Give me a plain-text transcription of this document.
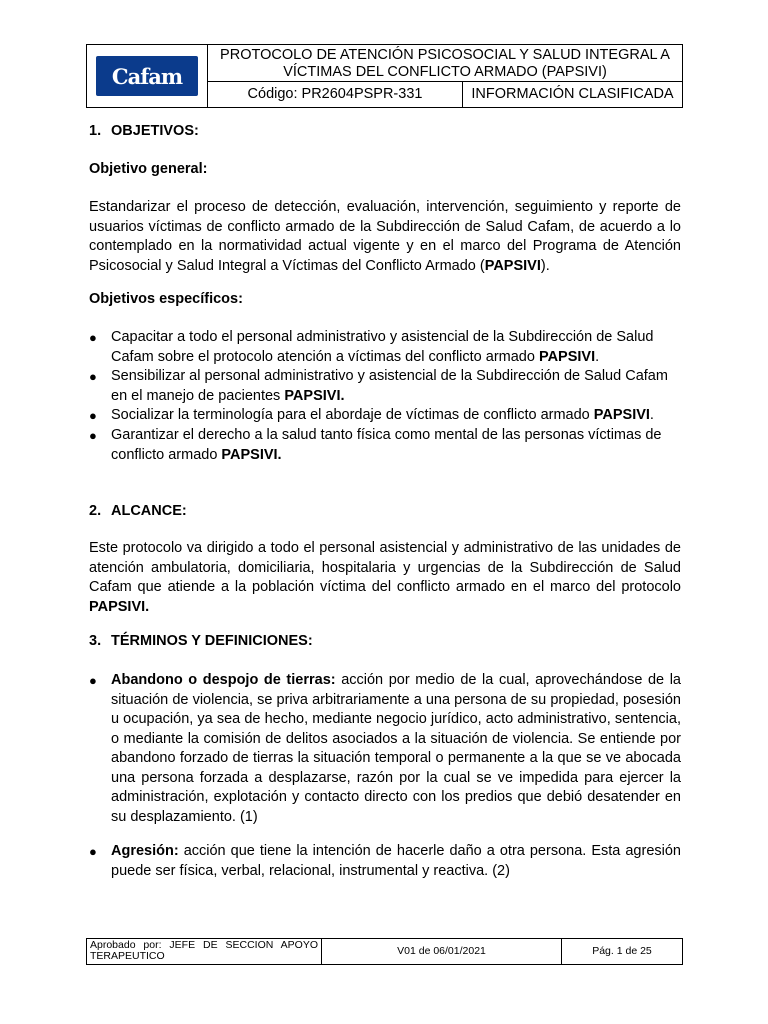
Cafam
PROTOCOLO DE ATENCIÓN PSICOSOCIAL Y SALUD INTEGRAL A
VÍCTIMAS DEL CONFLICTO ARMADO (PAPSIVI)
Código: PR2604PSPR-331	INFORMACIÓN CLASIFICADA
1. OBJETIVOS:
Objetivo general:
Estandarizar el proceso de detección, evaluación, intervención, seguimiento y reporte de usuarios víctimas de conflicto armado de la Subdirección de Salud Cafam, de acuerdo a lo contemplado en la normatividad actual vigente y en el marco del Programa de Atención Psicosocial y Salud Integral a Víctimas del Conflicto Armado (PAPSIVI).
Objetivos específicos:
● Capacitar a todo el personal administrativo y asistencial de la Subdirección de Salud Cafam sobre el protocolo atención a víctimas del conflicto armado PAPSIVI.
● Sensibilizar al personal administrativo y asistencial de la Subdirección de Salud Cafam en el manejo de pacientes PAPSIVI.
● Socializar la terminología para el abordaje de víctimas de conflicto armado PAPSIVI.
● Garantizar el derecho a la salud tanto física como mental de las personas víctimas de conflicto armado PAPSIVI.
2. ALCANCE:
Este protocolo va dirigido a todo el personal asistencial y administrativo de las unidades de atención ambulatoria, domiciliaria, hospitalaria y urgencias de la Subdirección de Salud Cafam que atiende a la población víctima del conflicto armado en el marco del protocolo PAPSIVI.
3. TÉRMINOS Y DEFINICIONES:
● Abandono o despojo de tierras: acción por medio de la cual, aprovechándose de la situación de violencia, se priva arbitrariamente a una persona de su propiedad, posesión u ocupación, ya sea de hecho, mediante negocio jurídico, acto administrativo, sentencia, o mediante la comisión de delitos asociados a la situación de violencia. Se entiende por abandono forzado de tierras la situación temporal o permanente a la que se ve abocada una persona forzada a desplazarse, razón por la cual se ve impedida para ejercer la administración, explotación y contacto directo con los predios que debió desatender en su desplazamiento. (1)
● Agresión: acción que tiene la intención de hacerle daño a otra persona. Esta agresión puede ser física, verbal, relacional, instrumental y reactiva. (2)
Aprobado por: JEFE DE SECCION APOYO TERAPEUTICO	V01 de 06/01/2021	Pág. 1 de 25
